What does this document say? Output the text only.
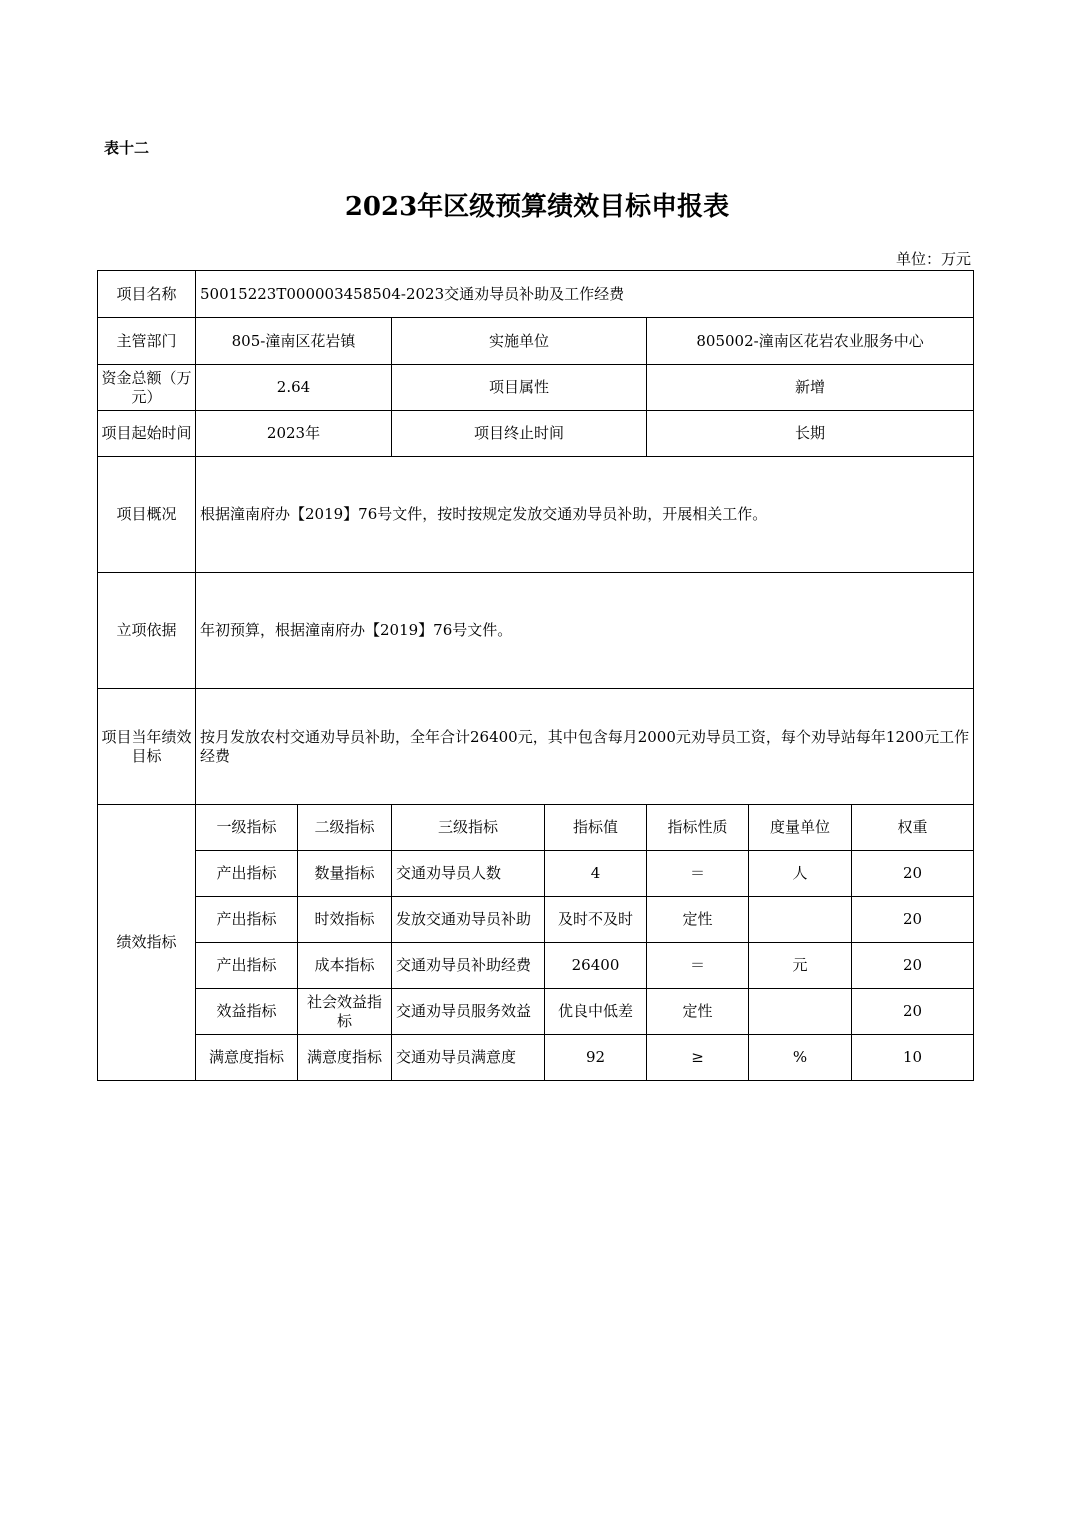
表十二
2023年区级预算绩效目标申报表
单位：万元
项目名称	50015223T000003458504-2023交通劝导员补助及工作经费						
主管部门	805-潼南区花岩镇		实施单位		805002-潼南区花岩农业服务中心		
资金总额（万元）	2.64		项目属性		新增		
项目起始时间	2023年		项目终止时间		长期		
项目概况	根据潼南府办【2019】76号文件，按时按规定发放交通劝导员补助，开展相关工作。						
立项依据	年初预算，根据潼南府办【2019】76号文件。						
项目当年绩效目标	按月发放农村交通劝导员补助，全年合计26400元，其中包含每月2000元劝导员工资，每个劝导站每年1200元工作经费						
绩效指标	一级指标	二级指标	三级指标	指标值	指标性质	度量单位	权重
	产出指标	数量指标	交通劝导员人数	4	＝	人	20
	产出指标	时效指标	发放交通劝导员补助	及时不及时	定性		20
	产出指标	成本指标	交通劝导员补助经费	26400	＝	元	20
	效益指标	社会效益指标	交通劝导员服务效益	优良中低差	定性		20
	满意度指标	满意度指标	交通劝导员满意度	92	≥	%	10
